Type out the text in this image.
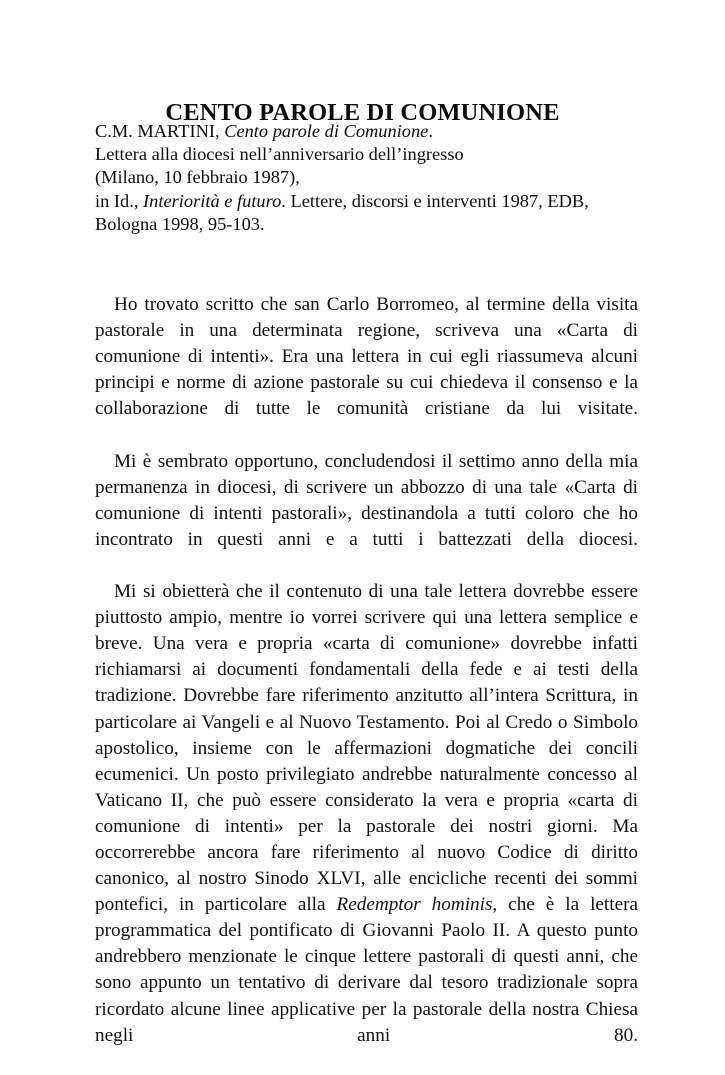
CENTO PAROLE DI COMUNIONE
C.M. MARTINI, Cento parole di Comunione.
Lettera alla diocesi nell’anniversario dell’ingresso
(Milano, 10 febbraio 1987),
in Id., Interiorità e futuro. Lettere, discorsi e interventi 1987, EDB,
Bologna 1998, 95-103.

Ho trovato scritto che san Carlo Borromeo, al termine della visita pastorale in una determinata regione, scriveva una «Carta di comunione di intenti». Era una lettera in cui egli riassumeva alcuni principi e norme di azione pastorale su cui chiedeva il consenso e la collaborazione di tutte le comunità cristiane da lui visitate.

Mi è sembrato opportuno, concludendosi il settimo anno della mia permanenza in diocesi, di scrivere un abbozzo di una tale «Carta di comunione di intenti pastorali», destinandola a tutti coloro che ho incontrato in questi anni e a tutti i battezzati della diocesi.

Mi si obietterà che il contenuto di una tale lettera dovrebbe essere piuttosto ampio, mentre io vorrei scrivere qui una lettera semplice e breve. Una vera e propria «carta di comunione» dovrebbe infatti richiamarsi ai documenti fondamentali della fede e ai testi della tradizione. Dovrebbe fare riferimento anzitutto all’intera Scrittura, in particolare ai Vangeli e al Nuovo Testamento. Poi al Credo o Simbolo apostolico, insieme con le affermazioni dogmatiche dei concili ecumenici. Un posto privilegiato andrebbe naturalmente concesso al Vaticano II, che può essere considerato la vera e propria «carta di comunione di intenti» per la pastorale dei nostri giorni. Ma occorrerebbe ancora fare riferimento al nuovo Codice di diritto canonico, al nostro Sinodo XLVI, alle encicliche recenti dei sommi pontefici, in particolare alla Redemptor hominis, che è la lettera programmatica del pontificato di Giovanni Paolo II. A questo punto andrebbero menzionate le cinque lettere pastorali di questi anni, che sono appunto un tentativo di derivare dal tesoro tradizionale sopra ricordato alcune linee applicative per la pastorale della nostra Chiesa negli anni 80.
